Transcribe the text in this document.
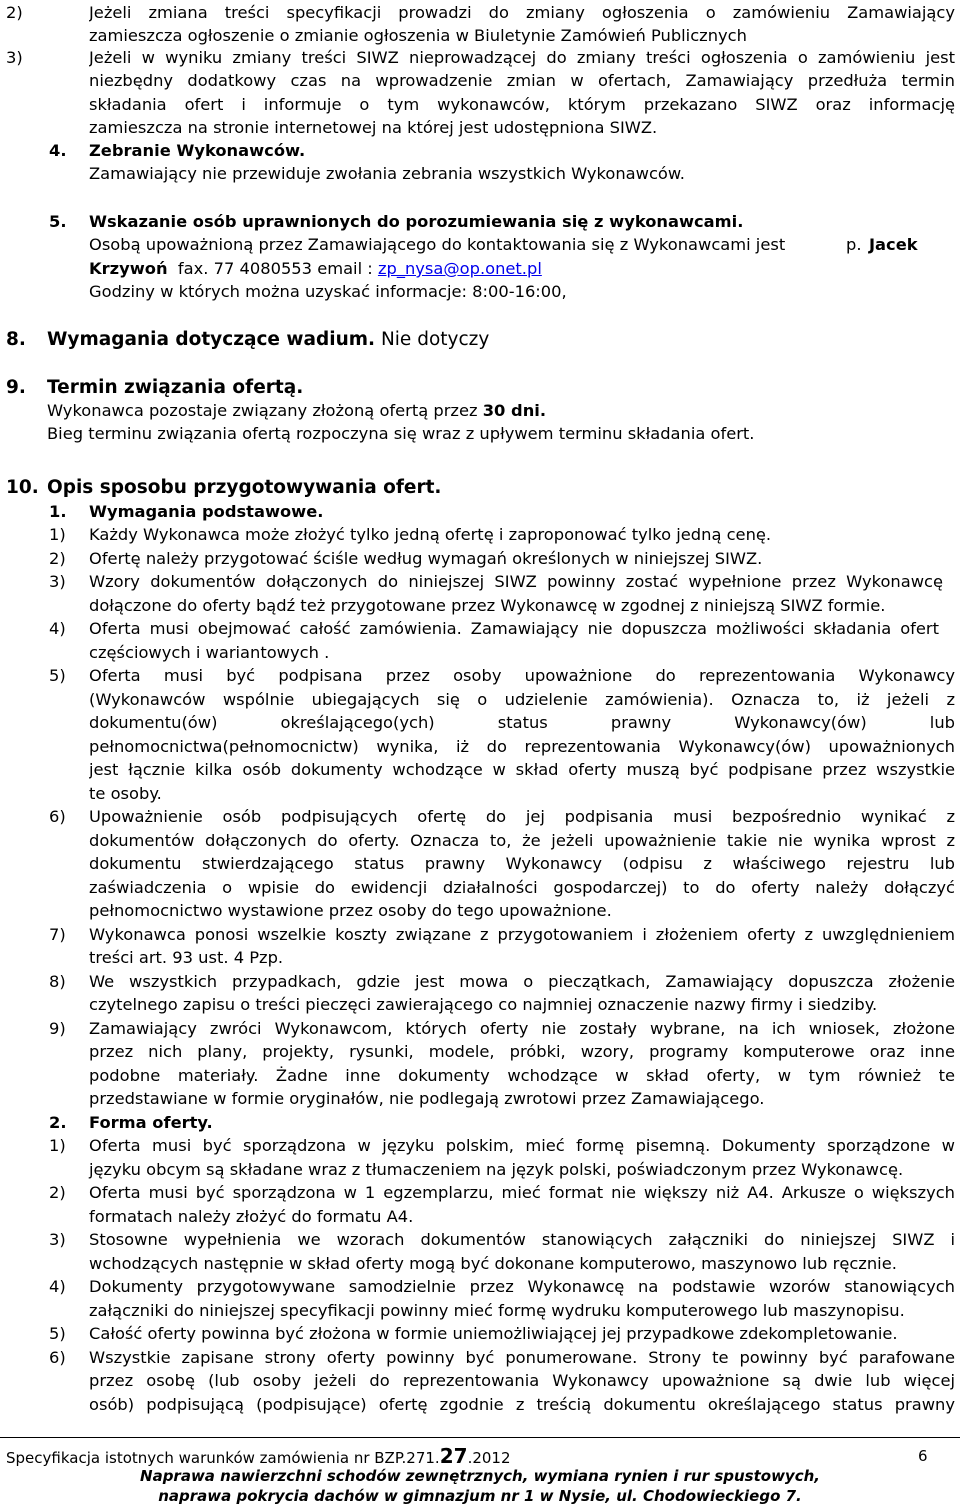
2)	Jeżeli zmiana treści specyfikacji prowadzi do zmiany ogłoszenia o zamówieniu Zamawiający
zamieszcza ogłoszenie o zmianie ogłoszenia w Biuletynie Zamówień Publicznych
3)	Jeżeli w wyniku zmiany treści SIWZ nieprowadzącej do zmiany treści ogłoszenia o zamówieniu jest
niezbędny dodatkowy czas na wprowadzenie zmian w ofertach, Zamawiający przedłuża termin
składania ofert i informuje o tym wykonawców, którym przekazano SIWZ oraz informację
zamieszcza na stronie internetowej na której jest udostępniona SIWZ.
4. Zebranie Wykonawców.
Zamawiający nie przewiduje zwołania zebrania wszystkich Wykonawców.
5. Wskazanie osób uprawnionych do porozumiewania się z wykonawcami.
Osobą upoważnioną przez Zamawiającego do kontaktowania się z Wykonawcami jest	p. Jacek
Krzywoń fax. 77 4080553 email : zp_nysa@op.onet.pl
Godziny w których można uzyskać informacje: 8:00-16:00,
8. Wymagania dotyczące wadium. Nie dotyczy
9. Termin związania ofertą.
Wykonawca pozostaje związany złożoną ofertą przez 30 dni.
Bieg terminu związania ofertą rozpoczyna się wraz z upływem terminu składania ofert.
10. Opis sposobu przygotowywania ofert.
1. Wymagania podstawowe.
1) Każdy Wykonawca może złożyć tylko jedną ofertę i zaproponować tylko jedną cenę.
2) Ofertę należy przygotować ściśle według wymagań określonych w niniejszej SIWZ.
3) Wzory dokumentów dołączonych do niniejszej SIWZ powinny zostać wypełnione przez Wykonawcę
dołączone do oferty bądź też przygotowane przez Wykonawcę w zgodnej z niniejszą SIWZ formie.
4) Oferta musi obejmować całość zamówienia. Zamawiający nie dopuszcza możliwości składania ofert
częściowych i wariantowych .
5) Oferta musi być podpisana przez osoby upoważnione do reprezentowania Wykonawcy
(Wykonawców wspólnie ubiegających się o udzielenie zamówienia). Oznacza to, iż jeżeli z
dokumentu(ów) określającego(ych) status prawny Wykonawcy(ów) lub
pełnomocnictwa(pełnomocnictw) wynika, iż do reprezentowania Wykonawcy(ów) upoważnionych
jest łącznie kilka osób dokumenty wchodzące w skład oferty muszą być podpisane przez wszystkie
te osoby.
6) Upoważnienie osób podpisujących ofertę do jej podpisania musi bezpośrednio wynikać z
dokumentów dołączonych do oferty. Oznacza to, że jeżeli upoważnienie takie nie wynika wprost z
dokumentu stwierdzającego status prawny Wykonawcy (odpisu z właściwego rejestru lub
zaświadczenia o wpisie do ewidencji działalności gospodarczej) to do oferty należy dołączyć
pełnomocnictwo wystawione przez osoby do tego upoważnione.
7) Wykonawca ponosi wszelkie koszty związane z przygotowaniem i złożeniem oferty z uwzględnieniem
treści art. 93 ust. 4 Pzp.
8) We wszystkich przypadkach, gdzie jest mowa o pieczątkach, Zamawiający dopuszcza złożenie
czytelnego zapisu o treści pieczęci zawierającego co najmniej oznaczenie nazwy firmy i siedziby.
9) Zamawiający zwróci Wykonawcom, których oferty nie zostały wybrane, na ich wniosek, złożone
przez nich plany, projekty, rysunki, modele, próbki, wzory, programy komputerowe oraz inne
podobne materiały. Żadne inne dokumenty wchodzące w skład oferty, w tym również te
przedstawiane w formie oryginałów, nie podlegają zwrotowi przez Zamawiającego.
2. Forma oferty.
1) Oferta musi być sporządzona w języku polskim, mieć formę pisemną. Dokumenty sporządzone w
języku obcym są składane wraz z tłumaczeniem na język polski, poświadczonym przez Wykonawcę.
2) Oferta musi być sporządzona w 1 egzemplarzu, mieć format nie większy niż A4. Arkusze o większych
formatach należy złożyć do formatu A4.
3) Stosowne wypełnienia we wzorach dokumentów stanowiących załączniki do niniejszej SIWZ i
wchodzących następnie w skład oferty mogą być dokonane komputerowo, maszynowo lub ręcznie.
4) Dokumenty przygotowywane samodzielnie przez Wykonawcę na podstawie wzorów stanowiących
załączniki do niniejszej specyfikacji powinny mieć formę wydruku komputerowego lub maszynopisu.
5) Całość oferty powinna być złożona w formie uniemożliwiającej jej przypadkowe zdekompletowanie.
6) Wszystkie zapisane strony oferty powinny być ponumerowane. Strony te powinny być parafowane
przez osobę (lub osoby jeżeli do reprezentowania Wykonawcy upoważnione są dwie lub więcej
osób) podpisującą (podpisujące) ofertę zgodnie z treścią dokumentu określającego status prawny
Specyfikacja istotnych warunków zamówienia nr BZP.271.27.2012	6
Naprawa nawierzchni schodów zewnętrznych, wymiana rynien i rur spustowych,
naprawa pokrycia dachów w gimnazjum nr 1 w Nysie, ul. Chodowieckiego 7.
